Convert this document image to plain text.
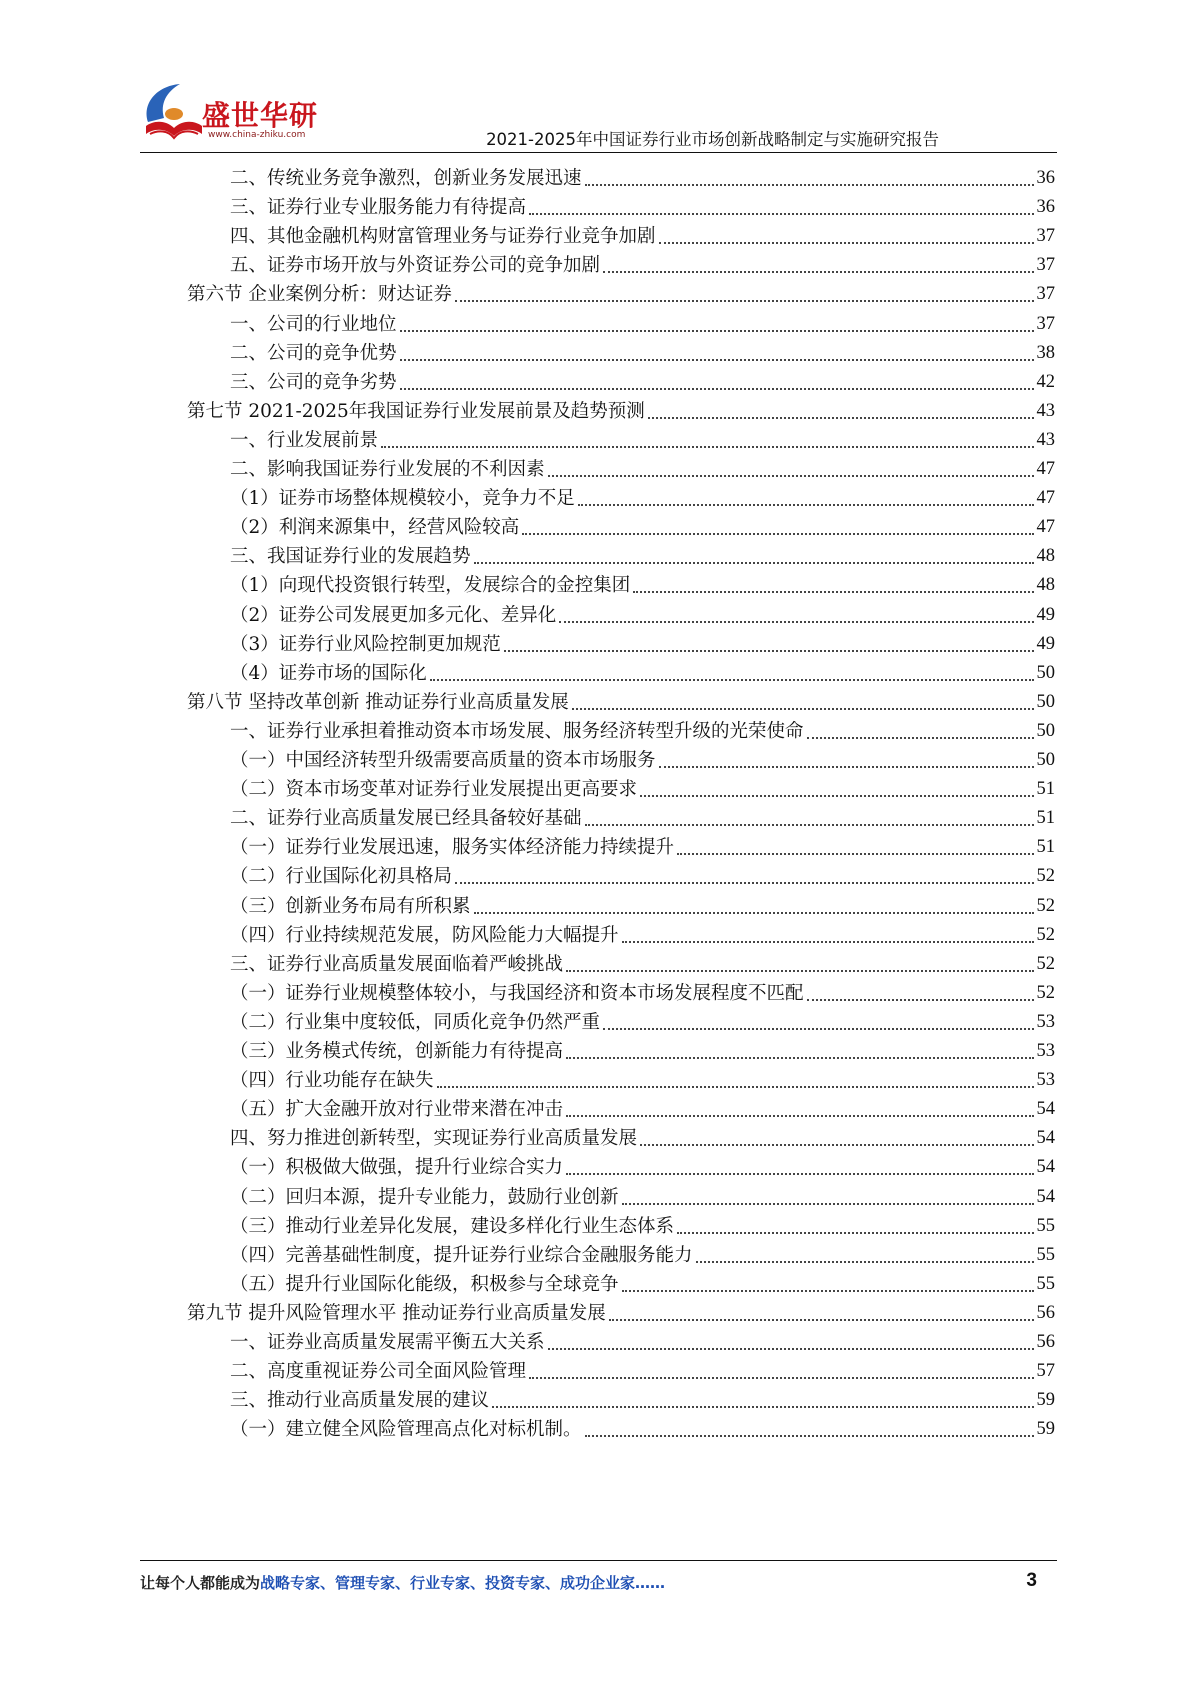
盛世华研
www.china-zhiku.com	2021-2025年中国证券行业市场创新战略制定与实施研究报告
二、传统业务竞争激烈，创新业务发展迅速	36
三、证券行业专业服务能力有待提高	36
四、其他金融机构财富管理业务与证券行业竞争加剧	37
五、证券市场开放与外资证券公司的竞争加剧	37
第六节 企业案例分析：财达证券	37
一、公司的行业地位	37
二、公司的竞争优势	38
三、公司的竞争劣势	42
第七节 2021-2025年我国证券行业发展前景及趋势预测	43
一、行业发展前景	43
二、影响我国证券行业发展的不利因素	47
（1）证券市场整体规模较小，竞争力不足	47
（2）利润来源集中，经营风险较高	47
三、我国证券行业的发展趋势	48
（1）向现代投资银行转型，发展综合的金控集团	48
（2）证券公司发展更加多元化、差异化	49
（3）证券行业风险控制更加规范	49
（4）证券市场的国际化	50
第八节 坚持改革创新 推动证券行业高质量发展	50
一、证券行业承担着推动资本市场发展、服务经济转型升级的光荣使命	50
（一）中国经济转型升级需要高质量的资本市场服务	50
（二）资本市场变革对证券行业发展提出更高要求	51
二、证券行业高质量发展已经具备较好基础	51
（一）证券行业发展迅速，服务实体经济能力持续提升	51
（二）行业国际化初具格局	52
（三）创新业务布局有所积累	52
（四）行业持续规范发展，防风险能力大幅提升	52
三、证券行业高质量发展面临着严峻挑战	52
（一）证券行业规模整体较小，与我国经济和资本市场发展程度不匹配	52
（二）行业集中度较低，同质化竞争仍然严重	53
（三）业务模式传统，创新能力有待提高	53
（四）行业功能存在缺失	53
（五）扩大金融开放对行业带来潜在冲击	54
四、努力推进创新转型，实现证券行业高质量发展	54
（一）积极做大做强，提升行业综合实力	54
（二）回归本源，提升专业能力，鼓励行业创新	54
（三）推动行业差异化发展，建设多样化行业生态体系	55
（四）完善基础性制度，提升证券行业综合金融服务能力	55
（五）提升行业国际化能级，积极参与全球竞争	55
第九节 提升风险管理水平 推动证券行业高质量发展	56
一、证券业高质量发展需平衡五大关系	56
二、高度重视证券公司全面风险管理	57
三、推动行业高质量发展的建议	59
（一）建立健全风险管理高点化对标机制。	59
让每个人都能成为战略专家、管理专家、行业专家、投资专家、成功企业家……	3
